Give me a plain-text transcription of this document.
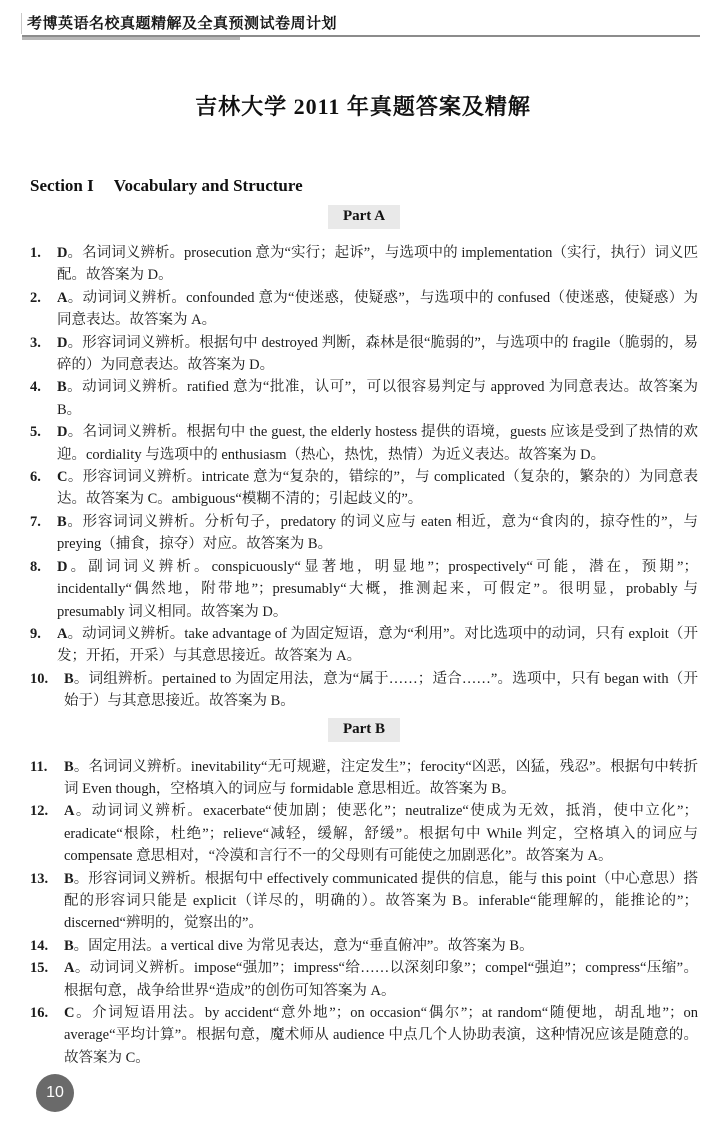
考博英语名校真题精解及全真预测试卷周计划
吉林大学 2011 年真题答案及精解
Section I Vocabulary and Structure
Part A
1. D。名词词义辨析。prosecution 意为“实行；起诉”，与选项中的 implementation（实行，执行）词义匹配。故答案为 D。
2. A。动词词义辨析。confounded 意为“使迷惑，使疑惑”，与选项中的 confused（使迷惑，使疑惑）为同意表达。故答案为 A。
3. D。形容词词义辨析。根据句中 destroyed 判断，森林是很“脆弱的”，与选项中的 fragile（脆弱的，易碎的）为同意表达。故答案为 D。
4. B。动词词义辨析。ratified 意为“批准，认可”，可以很容易判定与 approved 为同意表达。故答案为 B。
5. D。名词词义辨析。根据句中 the guest, the elderly hostess 提供的语境，guests 应该是受到了热情的欢迎。cordiality 与选项中的 enthusiasm（热心，热忱，热情）为近义表达。故答案为 D。
6. C。形容词词义辨析。intricate 意为“复杂的，错综的”，与 complicated（复杂的，繁杂的）为同意表达。故答案为 C。ambiguous“模糊不清的；引起歧义的”。
7. B。形容词词义辨析。分析句子，predatory 的词义应与 eaten 相近，意为“食肉的，掠夺性的”，与 preying（捕食，掠夺）对应。故答案为 B。
8. D。副词词义辨析。conspicuously“显著地，明显地”；prospectively“可能，潜在，预期”；incidentally“偶然地，附带地”；presumably“大概，推测起来，可假定”。很明显，probably 与 presumably 词义相同。故答案为 D。
9. A。动词词义辨析。take advantage of 为固定短语，意为“利用”。对比选项中的动词，只有 exploit（开发；开拓，开采）与其意思接近。故答案为 A。
10. B。词组辨析。pertained to 为固定用法，意为“属于……；适合……”。选项中，只有 began with（开始于）与其意思接近。故答案为 B。
Part B
11. B。名词词义辨析。inevitability“无可规避，注定发生”；ferocity“凶恶，凶猛，残忍”。根据句中转折词 Even though，空格填入的词应与 formidable 意思相近。故答案为 B。
12. A。动词词义辨析。exacerbate“使加剧；使恶化”；neutralize“使成为无效，抵消，使中立化”；eradicate“根除，杜绝”；relieve“减轻，缓解，舒缓”。根据句中 While 判定，空格填入的词应与 compensate 意思相对，“冷漠和言行不一的父母则有可能使之加剧恶化”。故答案为 A。
13. B。形容词词义辨析。根据句中 effectively communicated 提供的信息，能与 this point（中心意思）搭配的形容词只能是 explicit（详尽的，明确的）。故答案为 B。inferable“能理解的，能推论的”；discerned“辨明的，觉察出的”。
14. B。固定用法。a vertical dive 为常见表达，意为“垂直俯冲”。故答案为 B。
15. A。动词词义辨析。impose“强加”；impress“给……以深刻印象”；compel“强迫”；compress“压缩”。根据句意，战争给世界“造成”的创伤可知答案为 A。
16. C。介词短语用法。by accident“意外地”；on occasion“偶尔”；at random“随便地，胡乱地”；on average“平均计算”。根据句意，魔术师从 audience 中点几个人协助表演，这种情况应该是随意的。故答案为 C。
10
